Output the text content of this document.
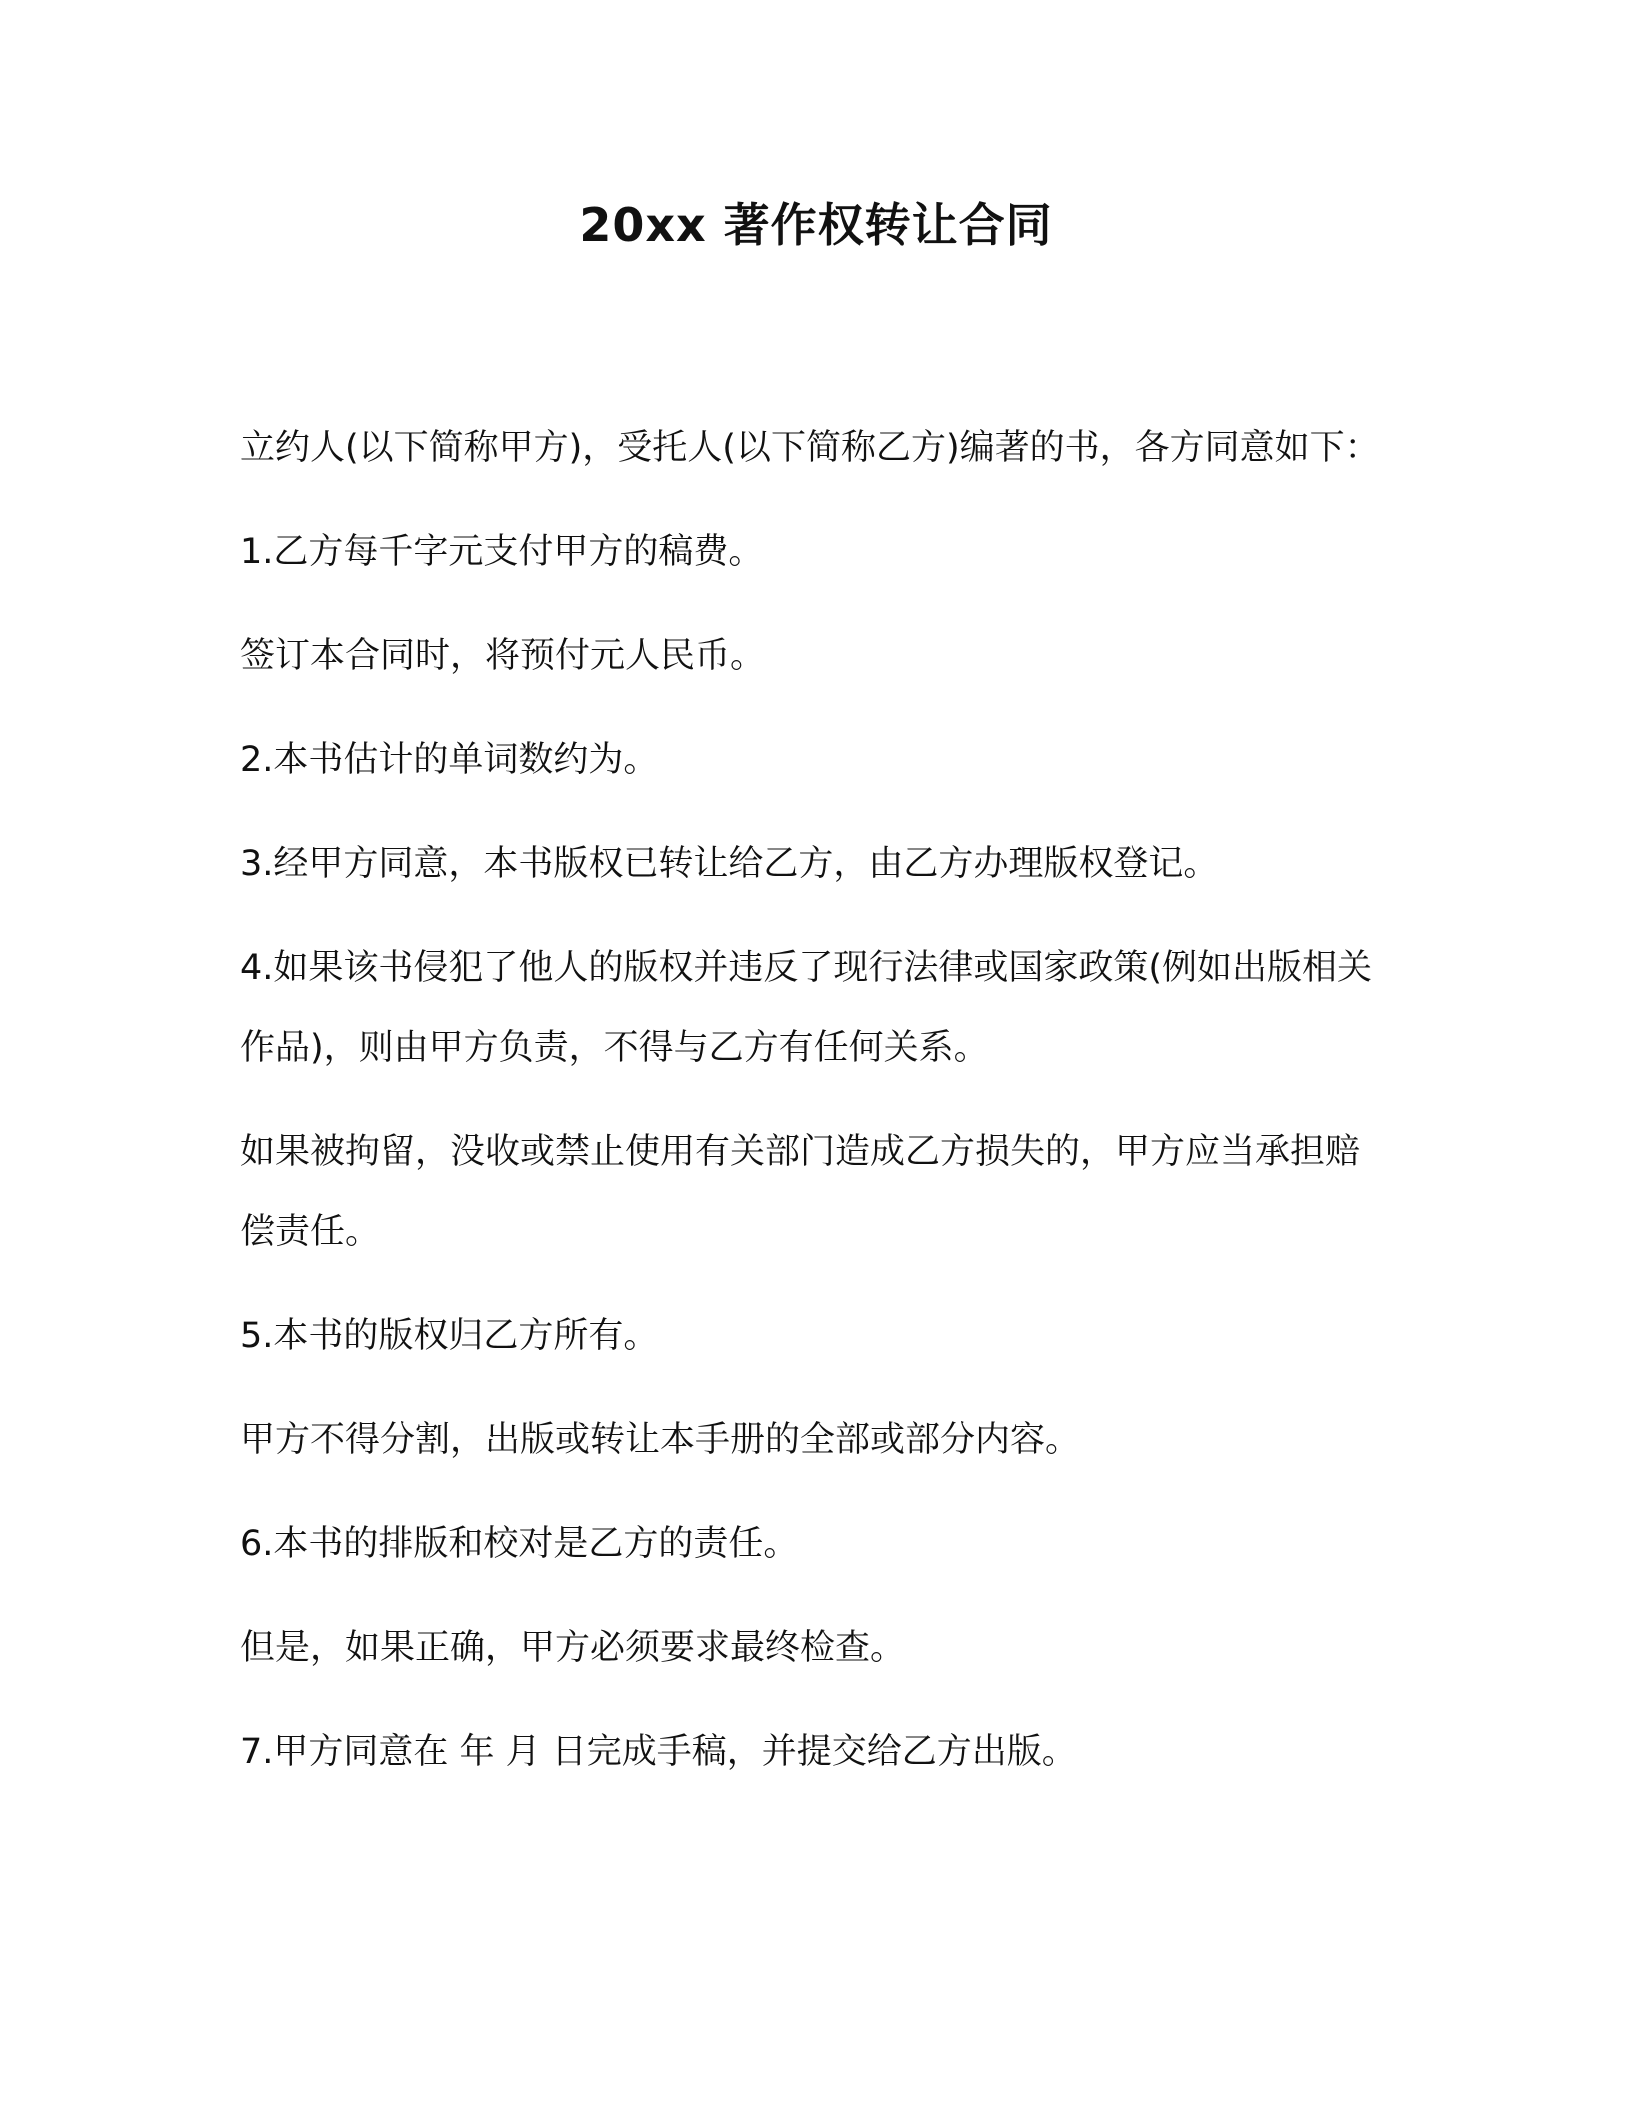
20xx 著作权转让合同

立约人(以下简称甲方)，受托人(以下简称乙方)编著的书，各方同意如下：

1.乙方每千字元支付甲方的稿费。

签订本合同时，将预付元人民币。

2.本书估计的单词数约为。

3.经甲方同意，本书版权已转让给乙方，由乙方办理版权登记。

4.如果该书侵犯了他人的版权并违反了现行法律或国家政策(例如出版相关作品)，则由甲方负责，不得与乙方有任何关系。

如果被拘留，没收或禁止使用有关部门造成乙方损失的，甲方应当承担赔偿责任。

5.本书的版权归乙方所有。

甲方不得分割，出版或转让本手册的全部或部分内容。

6.本书的排版和校对是乙方的责任。

但是，如果正确，甲方必须要求最终检查。

7.甲方同意在 年 月 日完成手稿，并提交给乙方出版。
